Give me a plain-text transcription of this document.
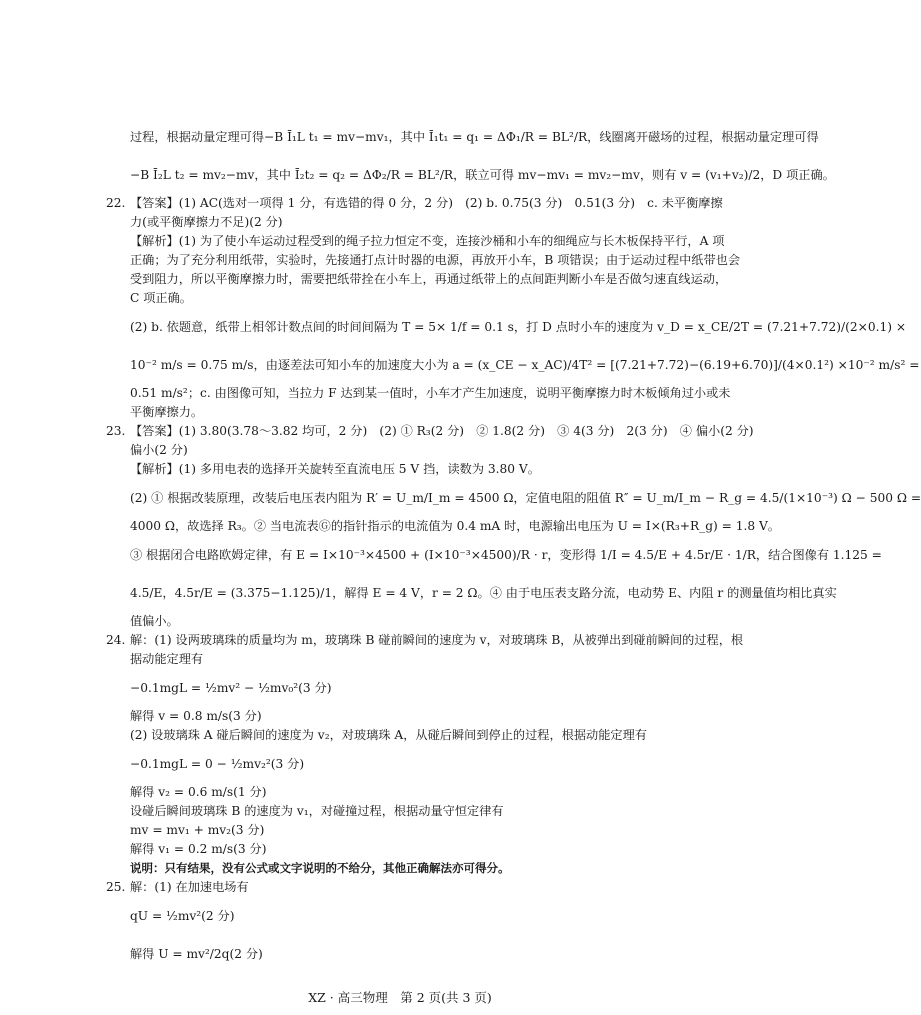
过程，根据动量定理可得−B Ī₁L t₁ = mv−mv₁，其中 Ī₁t₁ = q₁ = ΔΦ₁/R = BL²/R，线圈离开磁场的过程，根据动量定理可得
−B Ī₂L t₂ = mv₂−mv，其中 Ī₂t₂ = q₂ = ΔΦ₂/R = BL²/R，联立可得 mv−mv₁ = mv₂−mv，则有 v = (v₁+v₂)/2，D 项正确。
22. 【答案】(1) AC(选对一项得 1 分，有选错的得 0 分，2 分)　(2) b. 0.75(3 分)　0.51(3 分)　c. 未平衡摩擦
力(或平衡摩擦力不足)(2 分)
【解析】(1) 为了使小车运动过程受到的绳子拉力恒定不变，连接沙桶和小车的细绳应与长木板保持平行，A 项
正确；为了充分利用纸带，实验时，先接通打点计时器的电源，再放开小车，B 项错误；由于运动过程中纸带也会
受到阻力，所以平衡摩擦力时，需要把纸带拴在小车上，再通过纸带上的点间距判断小车是否做匀速直线运动，
C 项正确。
(2) b. 依题意，纸带上相邻计数点间的时间间隔为 T = 5× 1/f = 0.1 s，打 D 点时小车的速度为 v_D = x_CE/2T = (7.21+7.72)/(2×0.1) ×
10⁻² m/s = 0.75 m/s，由逐差法可知小车的加速度大小为 a = (x_CE − x_AC)/4T² = [(7.21+7.72)−(6.19+6.70)]/(4×0.1²) ×10⁻² m/s² =
0.51 m/s²；c. 由图像可知，当拉力 F 达到某一值时，小车才产生加速度，说明平衡摩擦力时木板倾角过小或未
平衡摩擦力。
23. 【答案】(1) 3.80(3.78～3.82 均可，2 分)　(2) ① R₃(2 分)　② 1.8(2 分)　③ 4(3 分)　2(3 分)　④ 偏小(2 分)
偏小(2 分)
【解析】(1) 多用电表的选择开关旋转至直流电压 5 V 挡，读数为 3.80 V。
(2) ① 根据改装原理，改装后电压表内阻为 R′ = U_m/I_m = 4500 Ω，定值电阻的阻值 R″ = U_m/I_m − R_g = 4.5/(1×10⁻³) Ω − 500 Ω =
4000 Ω，故选择 R₃。② 当电流表Ⓖ的指针指示的电流值为 0.4 mA 时，电源输出电压为 U = I×(R₃+R_g) = 1.8 V。
③ 根据闭合电路欧姆定律，有 E = I×10⁻³×4500 + (I×10⁻³×4500)/R · r，变形得 1/I = 4.5/E + 4.5r/E · 1/R，结合图像有 1.125 =
4.5/E，4.5r/E = (3.375−1.125)/1，解得 E = 4 V，r = 2 Ω。④ 由于电压表支路分流，电动势 E、内阻 r 的测量值均相比真实
值偏小。
24. 解：(1) 设两玻璃珠的质量均为 m，玻璃珠 B 碰前瞬间的速度为 v，对玻璃珠 B，从被弹出到碰前瞬间的过程，根
据动能定理有
−0.1mgL = ½mv² − ½mv₀²(3 分)
解得 v = 0.8 m/s(3 分)
(2) 设玻璃珠 A 碰后瞬间的速度为 v₂，对玻璃珠 A，从碰后瞬间到停止的过程，根据动能定理有
−0.1mgL = 0 − ½mv₂²(3 分)
解得 v₂ = 0.6 m/s(1 分)
设碰后瞬间玻璃珠 B 的速度为 v₁，对碰撞过程，根据动量守恒定律有
mv = mv₁ + mv₂(3 分)
解得 v₁ = 0.2 m/s(3 分)
说明：只有结果，没有公式或文字说明的不给分，其他正确解法亦可得分。
25. 解：(1) 在加速电场有
qU = ½mv²(2 分)
解得 U = mv²/2q(2 分)
XZ · 高三物理　第 2 页(共 3 页)
